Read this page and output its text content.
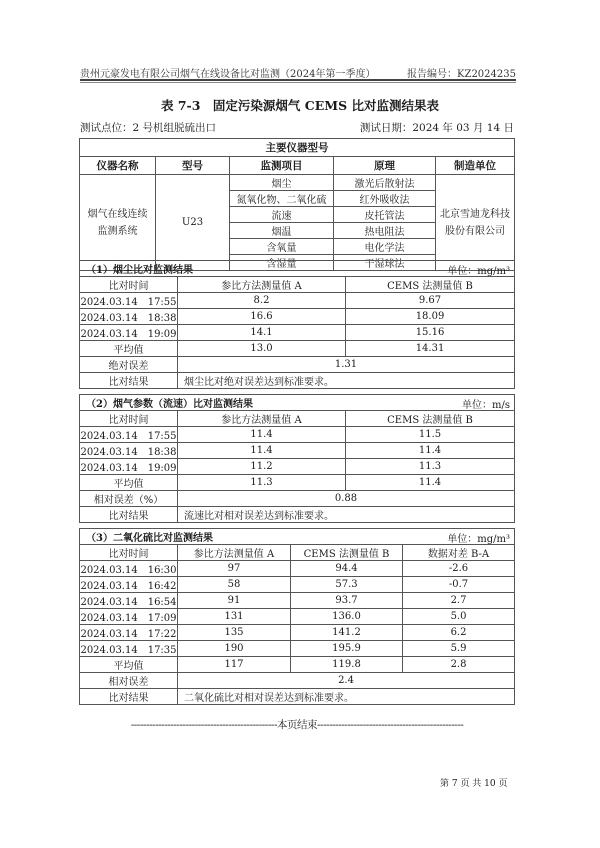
贵州元豪发电有限公司烟气在线设备比对监测（2024年第一季度）	报告编号：KZ2024235
表 7-3　固定污染源烟气 CEMS 比对监测结果表
测试点位：2 号机组脱硫出口	测试日期：2024 年 03 月 14 日
主要仪器型号				
仪器名称	型号	监测项目	原理	制造单位
烟气在线连续监测系统	U23	烟尘	激光后散射法	北京雪迪龙科技股份有限公司
		氮氧化物、二氧化硫	红外吸收法	
		流速	皮托管法	
		烟温	热电阻法	
		含氧量	电化学法	
		含湿量	干湿球法	
（1）烟尘比对监测结果 单位：mg/m³		

比对时间	参比方法测量值 A	CEMS 法测量值 B
2024.03.14　17:55	8.2	9.67
2024.03.14　18:38	16.6	18.09
2024.03.14　19:09	14.1	15.16
平均值	13.0	14.31
绝对误差	1.31	
比对结果	烟尘比对绝对误差达到标准要求。	
（2）烟气参数（流速）比对监测结果 单位：m/s		

比对时间	参比方法测量值 A	CEMS 法测量值 B
2024.03.14　17:55	11.4	11.5
2024.03.14　18:38	11.4	11.4
2024.03.14　19:09	11.2	11.3
平均值	11.3	11.4
相对误差（%）	0.88	
比对结果	流速比对相对误差达到标准要求。	
（3）二氧化硫比对监测结果 单位：mg/m³			

比对时间	参比方法测量值 A	CEMS 法测量值 B	数据对差 B-A
2024.03.14　16:30	97	94.4	-2.6
2024.03.14　16:42	58	57.3	-0.7
2024.03.14　16:54	91	93.7	2.7
2024.03.14　17:09	131	136.0	5.0
2024.03.14　17:22	135	141.2	6.2
2024.03.14　17:35	190	195.9	5.9
平均值	117	119.8	2.8
相对误差	2.4		
比对结果	二氧化硫比对相对误差达到标准要求。		
------------------------------------------------本页结束------------------------------------------------
第 7 页 共 10 页
